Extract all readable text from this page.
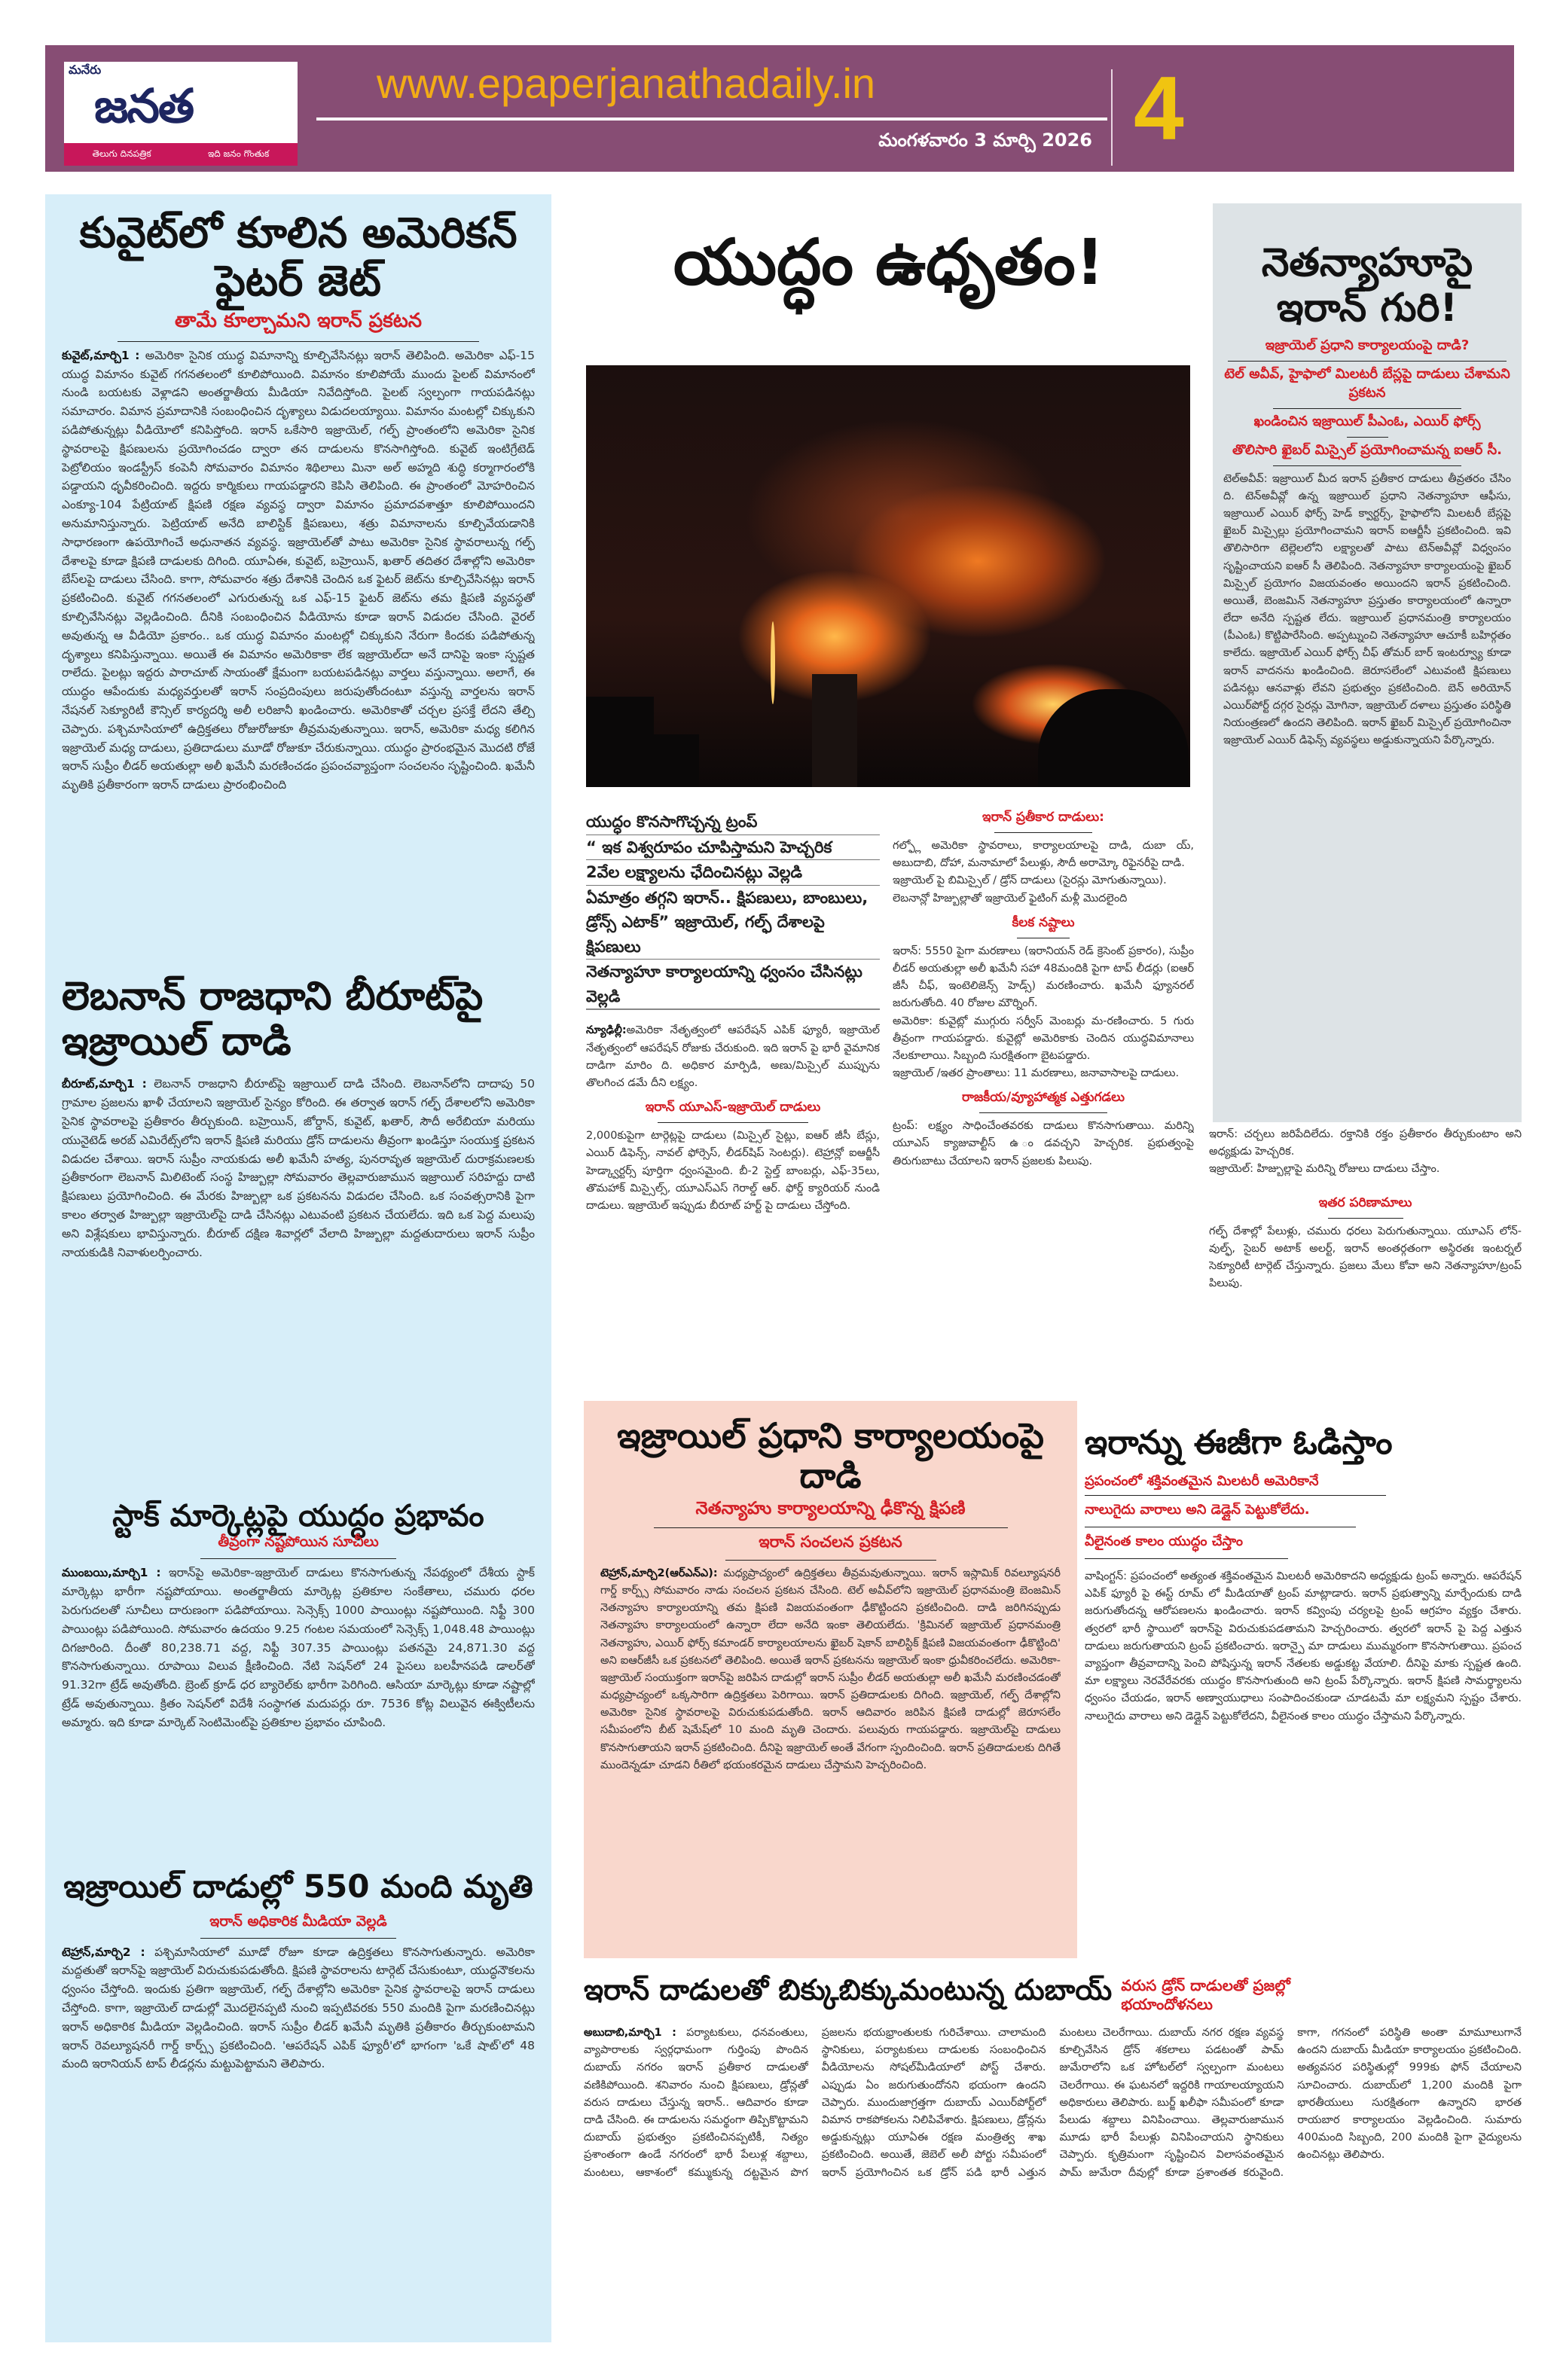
మనేరు
జనత
తెలుగు దినపత్రిక	ఇది జనం గొంతుక
www.epaperjanathadaily.in
మంగళవారం 3 మార్చి 2026 4
కువైట్‌లో కూలిన అమెరికన్ ఫైటర్ జెట్
తామే కూల్చామని ఇరాన్ ప్రకటన
కువైట్,మార్చి1 : అమెరికా సైనిక యుద్ధ విమానాన్ని కూల్చివేసినట్లు ఇరాన్ తెలిపింది. అమెరికా ఎఫ్-15 యుద్ధ విమానం కువైట్ గగనతలంలో కూలిపోయింది. విమానం కూలిపోయే ముందు పైలట్ విమానంలో నుండి బయటకు వెళ్లాడని అంతర్జాతీయ మీడియా నివేదిస్తోంది. పైలట్ స్వల్పంగా గాయపడినట్లు సమాచారం. విమాన ప్రమాదానికి సంబంధించిన దృశ్యాలు విడుదలయ్యాయి. విమానం మంటల్లో చిక్కుకుని పడిపోతున్నట్లు వీడియోలో కనిపిస్తోంది. ఇరాన్ ఒకేసారి ఇజ్రాయెల్, గల్ఫ్ ప్రాంతంలోని అమెరికా సైనిక స్థావరాలపై క్షిపణులను ప్రయోగించడం ద్వారా తన దాడులను కొనసాగిస్తోంది. కువైట్ ఇంటిగ్రేటెడ్ పెట్రోలియం ఇండస్ట్రీస్ కంపెనీ సోమవారం విమానం శిథిలాలు మినా అల్ అహ్మది శుద్ధి కర్మాగారంలోకి పడ్డాయని ధృవీకరించింది. ఇద్దరు కార్మికులు గాయపడ్డారని కెపిసి తెలిపింది. ఈ ప్రాంతంలో మోహరించిన ఎంక్యూ-104 పేట్రియాట్ క్షిపణి రక్షణ వ్యవస్థ ద్వారా విమానం ప్రమాదవశాత్తూ కూలిపోయిందని అనుమానిస్తున్నారు. పెట్రియాట్ అనేది బాలిస్టిక్ క్షిపణులు, శత్రు విమానాలను కూల్చివేయడానికి సాధారణంగా ఉపయోగించే అధునాతన వ్యవస్థ. ఇజ్రాయెల్‌తో పాటు అమెరికా సైనిక స్థావరాలున్న గల్ఫ్ దేశాలపై కూడా క్షిపణి దాడులకు దిగింది. యూఏఈ, కువైట్, బహ్రెయిన్, ఖతార్ తదితర దేశాల్లోని అమెరికా బేస్‌లపై దాడులు చేసింది. కాగా, సోమవారం శత్రు దేశానికి చెందిన ఒక ఫైటర్ జెట్‌ను కూల్చివేసినట్లు ఇరాన్ ప్రకటించింది. కువైట్ గగనతలంలో ఎగురుతున్న ఒక ఎఫ్-15 ఫైటర్ జెట్‌ను తమ క్షిపణి వ్యవస్థతో కూల్చివేసినట్లు వెల్లడించింది. దీనికి సంబంధించిన వీడియోను కూడా ఇరాన్ విడుదల చేసింది. వైరల్ అవుతున్న ఆ వీడియో ప్రకారం.. ఒక యుద్ధ విమానం మంటల్లో చిక్కుకుని నేరుగా కిందకు పడిపోతున్న దృశ్యాలు కనిపిస్తున్నాయి. అయితే ఈ విమానం అమెరికాకా లేక ఇజ్రాయెల్‌దా అనే దానిపై ఇంకా స్పష్టత రాలేదు. పైలట్లు ఇద్దరు పారాచూట్ సాయంతో క్షేమంగా బయటపడినట్లు వార్తలు వస్తున్నాయి. అలాగే, ఈ యుద్ధం ఆపేందుకు మధ్యవర్తులతో ఇరాన్ సంప్రదింపులు జరుపుతోందంటూ వస్తున్న వార్తలను ఇరాన్ నేషనల్ సెక్యూరిటీ కౌన్సిల్ కార్యదర్శి అలీ లరిజానీ ఖండించారు. అమెరికాతో చర్చల ప్రసక్తే లేదని తేల్చి చెప్పారు. పశ్చిమాసియాలో ఉద్రిక్తతలు రోజురోజుకూ తీవ్రమవుతున్నాయి. ఇరాన్, అమెరికా మధ్య కలిగిన ఇజ్రాయెల్ మధ్య దాడులు, ప్రతిదాడులు మూడో రోజుకూ చేరుకున్నాయి. యుద్ధం ప్రారంభమైన మొదటి రోజే ఇరాన్ సుప్రీం లీడర్ అయతుల్లా అలీ ఖమేనీ మరణించడం ప్రపంచవ్యాప్తంగా సంచలనం సృష్టించింది. ఖమేనీ మృతికి ప్రతీకారంగా ఇరాన్ దాడులు ప్రారంభించింది
లెబనాన్ రాజధాని బీరూట్‌పై ఇజ్రాయిల్ దాడి
బీరూట్,మార్చి1 : లెబనాన్ రాజధాని బీరూట్‌పై ఇజ్రాయిల్ దాడి చేసింది. లెబనాన్‌లోని దాదాపు 50 గ్రామాల ప్రజలను ఖాళీ చేయాలని ఇజ్రాయెల్ సైన్యం కోరింది. ఈ తర్వాత ఇరాన్ గల్ఫ్ దేశాలలోని అమెరికా సైనిక స్థావరాలపై ప్రతీకారం తీర్చుకుంది. బహ్రెయిన్, జోర్డాన్, కువైట్, ఖతార్, సౌదీ అరేబియా మరియు యునైటెడ్ అరబ్ ఎమిరేట్స్‌లోని ఇరాన్ క్షిపణి మరియు డ్రోన్ దాడులను తీవ్రంగా ఖండిస్తూ సంయుక్త ప్రకటన విడుదల చేశాయి. ఇరాన్ సుప్రీం నాయకుడు అలీ ఖమేనీ హత్య, పునరావృత ఇజ్రాయెల్ దురాక్రమణలకు ప్రతీకారంగా లెబనాన్ మిలిటెంట్ సంస్థ హిజ్బుల్లా సోమవారం తెల్లవారుజామున ఇజ్రాయిల్ సరిహద్దు దాటి క్షిపణులు ప్రయోగించింది. ఈ మేరకు హిజ్బుల్లా ఒక ప్రకటనను విడుదల చేసింది. ఒక సంవత్సరానికి పైగా కాలం తర్వాత హిజ్బుల్లా ఇజ్రాయెల్‌పై దాడి చేసినట్లు ఎటువంటి ప్రకటన చేయలేదు. ఇది ఒక పెద్ద మలుపు అని విశ్లేషకులు భావిస్తున్నారు. బీరూట్ దక్షిణ శివార్లలో వేలాది హిజ్బుల్లా మద్దతుదారులు ఇరాన్ సుప్రీం నాయకుడికి నివాళులర్పించారు.
స్టాక్ మార్కెట్లపై యుద్ధం ప్రభావం
తీవ్రంగా నష్టపోయిన సూచీలు
ముంబయి,మార్చి1 : ఇరాన్‌పై అమెరికా-ఇజ్రాయెల్ దాడులు కొనసాగుతున్న నేపథ్యంలో దేశీయ స్టాక్ మార్కెట్లు భారీగా నష్టపోయాయి. అంతర్జాతీయ మార్కెట్ల ప్రతికూల సంకేతాలు, చమురు ధరల పెరుగుదలతో సూచీలు దారుణంగా పడిపోయాయి. సెన్సెక్స్ 1000 పాయింట్లు నష్టపోయింది. నిఫ్టీ 300 పాయింట్లు పడిపోయింది. సోమవారం ఉదయం 9.25 గంటల సమయంలో సెన్సెక్స్ 1,048.48 పాయింట్లు దిగజారింది. దీంతో 80,238.71 వద్ద, నిఫ్టీ 307.35 పాయింట్లు పతనమై 24,871.30 వద్ద కొనసాగుతున్నాయి. రూపాయి విలువ క్షీణించింది. నేటి సెషన్‌లో 24 పైసలు బలహీనపడి డాలర్‌తో 91.32గా ట్రేడ్ అవుతోంది. బ్రెంట్ క్రూడ్ ధర బ్యారెల్‌కు భారీగా పెరిగింది. ఆసియా మార్కెట్లు కూడా నష్టాల్లో ట్రేడ్ అవుతున్నాయి. క్రితం సెషన్‌లో విదేశీ సంస్థాగత మదుపర్లు రూ. 7536 కోట్ల విలువైన ఈక్విటీలను అమ్మారు. ఇది కూడా మార్కెట్ సెంటిమెంట్‌పై ప్రతికూల ప్రభావం చూపింది.
ఇజ్రాయిల్ దాడుల్లో 550 మంది మృతి
ఇరాన్ అధికారిక మీడియా వెల్లడి
టెహ్రాన్,మార్చి2 : పశ్చిమాసియాలో మూడో రోజూ కూడా ఉద్రిక్తతలు కొనసాగుతున్నారు. అమెరికా మద్దతుతో ఇరాన్‌పై ఇజ్రాయెల్ విరుచుకుపడుతోంది. క్షిపణి స్థావరాలను టార్గెట్ చేసుకుంటూ, యుద్ధనౌకలను ధ్వంసం చేస్తోంది. ఇందుకు ప్రతిగా ఇజ్రాయెల్, గల్ఫ్ దేశాల్లోని అమెరికా సైనిక స్థావరాలపై ఇరాన్ దాడులు చేస్తోంది. కాగా, ఇజ్రాయెల్ దాడుల్లో మొదలైనప్పటి నుంచి ఇప్పటివరకు 550 మందికి పైగా మరణించినట్లు ఇరాన్ అధికారిక మీడియా వెల్లడించింది. ఇరాన్ సుప్రీం లీడర్ ఖమేనీ మృతికి ప్రతీకారం తీర్చుకుంటామని ఇరాన్ రెవల్యూషనరీ గార్డ్ కార్ప్స్ ప్రకటించింది. 'ఆపరేషన్ ఎపిక్ ఫ్యూరీ'లో భాగంగా 'ఒకే షాట్‌'లో 48 మంది ఇరానియన్ టాప్ లీడర్లను మట్టుపెట్టామని తెలిపారు.
యుద్ధం ఉధృతం!
యుద్ధం కొనసాగొచ్చన్న ట్రంప్
“ ఇక విశ్వరూపం చూపిస్తామని హెచ్చరిక
2వేల లక్ష్యాలను ఛేదించినట్లు వెల్లడి
ఏమాత్రం తగ్గని ఇరాన్.. క్షిపణులు, బాంబులు, డ్రోన్స్ ఎటాక్” ఇజ్రాయెల్, గల్ఫ్ దేశాలపై క్షిపణులు
నెతన్యాహూ కార్యాలయాన్ని ధ్వంసం చేసినట్లు వెల్లడి
న్యూఢిల్లీ:అమెరికా నేతృత్వంలో ఆపరేషన్ ఎపిక్ ఫ్యూరీ, ఇజ్రాయెల్ నేతృత్వంలో ఆపరేషన్ రోజుకు చేరుకుంది. ఇది ఇరాన్ పై భారీ వైమానిక దాడిగా మారిం ది. అధికార మార్పిడి, అణు/మిస్సైల్ ముప్పును తొలగించ డమే దీని లక్ష్యం.
ఇరాన్ యూఎస్-ఇజ్రాయెల్ దాడులు
2,000కుపైగా టార్గెట్లపై దాడులు (మిస్సైల్ సైట్లు, ఐఆర్ జీసీ బేస్లు, ఎయిర్ డిఫెన్స్, నావల్ ఫోర్సెస్, లీడర్‌షిప్ సెంటర్లు). టెహ్రాన్లో ఐఆర్జీసీ హెడ్క్వార్టర్స్ పూర్తిగా ధ్వంసమైంది. బీ-2 స్టెల్త్ బాంబర్లు, ఎఫ్-35లు, తొమహాక్ మిస్సైల్స్, యూఎస్ఎస్ గెరాల్డ్ ఆర్. ఫోర్డ్ క్యారియర్ నుండి దాడులు. ఇజ్రాయెల్ ఇప్పుడు బీరూట్ హర్ట్ పై దాడులు చేస్తోంది.
ఇరాన్ ప్రతీకార దాడులు:

గల్ఫ్లో అమెరికా స్థావరాలు, కార్యాలయాలపై దాడి, దుబా య్, అబుదాబి, దోహా, మనామాలో పేలుళ్లు, సౌదీ అరామ్కో రిఫైనరీపై దాడి.

ఇజ్రాయెల్ పై బిమిస్సైల్ / డ్రోన్ దాడులు (సైరన్లు మోగుతున్నాయి).

లెబనాన్లో హిజ్బుల్లాతో ఇజ్రాయెల్ ఫైటింగ్ మళ్లీ మొదలైంది

కీలక నష్టాలు

ఇరాన్: 5550 పైగా మరణాలు (ఇరానియన్ రెడ్ క్రెసెంట్ ప్రకారం), సుప్రీం లీడర్ అయతుల్లా అలీ ఖమేనీ సహా 48మందికి పైగా టాప్ లీడర్లు (ఐఆర్ జీసీ చీఫ్, ఇంటెలిజెన్స్ హెడ్స్) మరణించారు. ఖమేనీ ఫ్యూనరల్ జరుగుతోంది. 40 రోజుల మౌర్నింగ్.

అమెరికా: కువైట్లో ముగ్గురు సర్వీస్ మెంబర్లు మ-రణించారు. 5 గురు తీవ్రంగా గాయపడ్డారు. కువైట్లో అమెరికాకు చెందిన యుద్ధవిమానాలు నేలకూలాయి. సిబ్బంది సురక్షితంగా బైటపడ్డారు.

ఇజ్రాయెల్ /ఇతర ప్రాంతాలు: 11 మరణాలు, జనావాసాలపై దాడులు.

రాజకీయ/వ్యూహాత్మక ఎత్తుగడలు
ట్రంప్: లక్ష్యం సాధించేంతవరకు దాడులు కొనసాగుతాయి. మరిన్ని యూఎస్ క్యాజువాల్టీస్ ఉ ండవచ్చని హెచ్చరిక. ప్రభుత్వంపై తిరుగుబాటు చేయాలని ఇరాన్ ప్రజలకు పిలుపు.
ఇరాన్: చర్చలు జరిపేదిలేదు. రక్తానికి రక్తం ప్రతీకారం తీర్చుకుంటాం అని అధ్యక్షుడు హెచ్చరిక.
ఇజ్రాయెల్: హిజ్బుల్లాపై మరిన్ని రోజులు దాడులు చేస్తాం.
ఇతర పరిణామాలు
గల్ఫ్ దేశాల్లో పేలుళ్లు, చమురు ధరలు పెరుగుతున్నాయి. యూఎస్ లోన్-వుల్ఫ్, సైబర్ అటాక్ అలర్ట్, ఇరాన్ అంతర్గతంగా అస్థిరతః ఇంటర్నల్ సెక్యూరిటీ టార్గెట్ చేస్తున్నారు. ప్రజలు మేలు కోవా అని నెతన్యాహూ/ట్రంప్ పిలుపు.
నెతన్యాహూపై ఇరాన్ గురి!
ఇజ్రాయెల్ ప్రధాని కార్యాలయంపై దాడి?
టెల్ అవీవ్, హైఫాలో మిలటరీ బేస్లపై దాడులు చేశామని ప్రకటన
ఖండించిన ఇజ్రాయిల్ పీఎంఓ, ఎయిర్ ఫోర్స్
తొలిసారి ఖైబర్ మిస్సైల్ ప్రయోగించామన్న ఐఆర్ సీ.
టెల్‌అవీవ్: ఇజ్రాయిల్ మీద ఇరాన్ ప్రతీకార దాడులు తీవ్రతరం చేసిం ది. టెన్‌అవీవ్లో ఉన్న ఇజ్రాయిల్ ప్రధాని నెతన్యాహూ ఆఫీసు, ఇజ్రాయిల్ ఎయిర్ ఫోర్స్ హెడ్ క్వార్టర్స్, హైఫాలోని మిలటరీ బేస్లపై ఖైబర్ మిస్సైల్లు ప్రయోగించామని ఇరాన్ ఐఆర్జీసీ ప్రకటించింది. ఇవి తొలిసారిగా టెల్లెలలోని లక్ష్యాలతో పాటు టెన్‌అవీవ్లో విధ్వంసం సృష్టించాయని ఐఆర్ సీ తెలిపింది. నెతన్యాహూ కార్యాలయంపై ఖైబర్ మిస్సైల్ ప్రయోగం విజయవంతం అయిందని ఇరాన్ ప్రకటించింది. అయితే, బెంజమిన్ నెతన్యాహూ ప్రస్తుతం కార్యాలయంలో ఉన్నారా లేదా అనేది స్పష్టత లేదు. ఇజ్రాయిల్ ప్రధానమంత్రి కార్యాలయం (పీఎంఓ) కొట్టిపారేసింది. అప్పట్నుంచి నెతన్యాహూ ఆచూకీ బహిర్గతం కాలేదు. ఇజ్రాయెల్ ఎయిర్ ఫోర్స్ చీఫ్ తోమర్ బార్ ఇంటర్వ్యూ కూడా ఇరాన్ వాదనను ఖండించింది. జెరూసలేంలో ఎటువంటి క్షిపణులు పడినట్లు ఆనవాళ్లు లేవని ప్రభుత్వం ప్రకటించింది. బెన్ అరియోన్ ఎయిర్‌పోర్ట్ దగ్గర సైరన్లు మోగినా, ఇజ్రాయెల్ దళాలు ప్రస్తుతం పరిస్థితి నియంత్రణలో ఉందని తెలిపింది. ఇరాన్ ఖైబర్ మిస్సైల్ ప్రయోగించినా ఇజ్రాయెల్ ఎయిర్ డిఫెన్స్ వ్యవస్థలు అడ్డుకున్నాయని పేర్కొన్నారు.
ఇజ్రాయిల్ ప్రధాని కార్యాలయంపై దాడి
నెతన్యాహు కార్యాలయాన్ని ఢీకొన్న క్షిపణి
ఇరాన్ సంచలన ప్రకటన
టెహ్రాన్,మార్చి2(ఆర్ఎన్ఎ): మధ్యప్రాచ్యంలో ఉద్రిక్తతలు తీవ్రమవుతున్నాయి. ఇరాన్ ఇస్లామిక్ రివల్యూషనరీ గార్డ్ కార్ప్స్ సోమవారం నాడు సంచలన ప్రకటన చేసింది. టెల్ అవీవ్‌లోని ఇజ్రాయెల్ ప్రధానమంత్రి బెంజమిన్ నెతన్యాహు కార్యాలయాన్ని తమ క్షిపణి విజయవంతంగా ఢీకొట్టిందని ప్రకటించింది. దాడి జరిగినప్పుడు నెతన్యాహు కార్యాలయంలో ఉన్నారా లేదా అనేది ఇంకా తెలియలేదు. 'క్రిమినల్ ఇజ్రాయెల్ ప్రధానమంత్రి నెతన్యాహు, ఎయిర్ ఫోర్స్ కమాండర్ కార్యాలయాలను ఖైబర్ షెకాన్ బాలిస్టిక్ క్షిపణి విజయవంతంగా ఢీకొట్టింది' అని ఐఆర్‌జీసీ ఒక ప్రకటనలో తెలిపింది. అయితే ఇరాన్ ప్రకటనను ఇజ్రాయెల్ ఇంకా ధ్రువీకరించలేదు. అమెరికా-ఇజ్రాయెల్ సంయుక్తంగా ఇరాన్‌పై జరిపిన దాడుల్లో ఇరాన్ సుప్రీం లీడర్ అయతుల్లా అలీ ఖమేనీ మరణించడంతో మధ్యప్రాచ్యంలో ఒక్కసారిగా ఉద్రిక్తతలు పెరిగాయి. ఇరాన్ ప్రతిదాడులకు దిగింది. ఇజ్రాయెల్, గల్ఫ్ దేశాల్లోని అమెరికా సైనిక స్థావరాలపై విరుచుకుపడుతోంది. ఇరాన్ ఆదివారం జరిపిన క్షిపణి దాడుల్లో జెరూసలేం సమీపంలోని బీట్ షెమేష్‌లో 10 మంది మృతి చెందారు. పలువురు గాయపడ్డారు. ఇజ్రాయెల్‌పై దాడులు కొనసాగుతాయని ఇరాన్ ప్రకటించింది. దీనిపై ఇజ్రాయెల్ అంతే వేగంగా స్పందించింది. ఇరాన్ ప్రతిదాడులకు దిగితే ముందెన్నడూ చూడని రీతిలో భయంకరమైన దాడులు చేస్తామని హెచ్చరించింది.
ఇరాన్ను ఈజీగా ఓడిస్తాం
ప్రపంచంలో శక్తివంతమైన మిలటరీ అమెరికానే
నాలుగైదు వారాలు అని డెడ్లైన్ పెట్టుకోలేదు.
వీలైనంత కాలం యుద్ధం చేస్తాం
వాషింగ్టన్: ప్రపంచంలో అత్యంత శక్తివంతమైన మిలటరీ అమెరికాదని అధ్యక్షుడు ట్రంప్ అన్నారు. ఆపరేషన్ ఎపిక్ ఫ్యూరీ పై ఈస్ట్ రూమ్ లో మీడియాతో ట్రంప్ మాట్లాడారు. ఇరాన్ ప్రభుత్వాన్ని మార్చేందుకు దాడి జరుగుతోందన్న ఆరోపణలను ఖండించారు. ఇరాన్ కవ్వింపు చర్యలపై ట్రంప్ ఆగ్రహం వ్యక్తం చేశారు. త్వరలో భారీ స్థాయిలో ఇరాన్‌పై విరుచుకుపడతామని హెచ్చరించారు. త్వరలో ఇరాన్ పై పెద్ద ఎత్తున దాడులు జరుగుతాయని ట్రంప్ ప్రకటించారు. ఇరాన్పై మా దాడులు ముమ్మరంగా కొనసాగుతాయి. ప్రపంచ వ్యాప్తంగా తీవ్రవాదాన్ని పెంచి పోషిస్తున్న ఇరాన్ నేతలకు అడ్డుకట్ట వేయాలి. దీనిపై మాకు స్పష్టత ఉంది. మా లక్ష్యాలు నెరవేరేవరకు యుద్ధం కొనసాగుతుంది అని ట్రంప్ పేర్కొన్నారు. ఇరాన్ క్షిపణి సామర్థ్యాలను ధ్వంసం చేయడం, ఇరాన్ అణ్వాయుధాలు సంపాదించకుండా చూడటమే మా లక్ష్యమని స్పష్టం చేశారు. నాలుగైదు వారాలు అని డెడ్లైన్ పెట్టుకోలేదని, వీలైనంత కాలం యుద్ధం చేస్తామని పేర్కొన్నారు.
ఇరాన్ దాడులతో బిక్కుబిక్కుమంటున్న దుబాయ్ వరుస డ్రోన్ దాడులతో ప్రజల్లో భయాందోళనలు
అబుదాబి,మార్చి1 : పర్యాటకులు, ధనవంతులు, వ్యాపారాలకు స్వర్గధామంగా గుర్తింపు పొందిన దుబాయ్ నగరం ఇరాన్ ప్రతీకార దాడులతో వణికిపోయింది. శనివారం నుంచి క్షిపణులు, డ్రోన్లతో వరుస దాడులు చేస్తున్న ఇరాన్.. ఆదివారం కూడా దాడి చేసింది. ఈ దాడులను సమర్థంగా తిప్పికొట్టామని దుబాయ్ ప్రభుత్వం ప్రకటించినప్పటికీ, నిత్యం ప్రశాంతంగా ఉండే నగరంలో భారీ పేలుళ్ల శబ్దాలు, మంటలు, ఆకాశంలో కమ్ముకున్న దట్టమైన పొగ ప్రజలను భయభ్రాంతులకు గురిచేశాయి. చాలామంది స్థానికులు, పర్యాటకులు దాడులకు సంబంధించిన వీడియోలను సోషల్‌మీడియాలో పోస్ట్ చేశారు. ఎప్పుడు ఏం జరుగుతుందోనని భయంగా ఉందని చెప్పారు. ముందుజాగ్రత్తగా దుబాయ్ ఎయిర్‌పోర్ట్‌లో విమాన రాకపోకలను నిలిపివేశారు. క్షిపణులు, డ్రోన్లను అడ్డుకున్నట్లు యూఏఈ రక్షణ మంత్రిత్వ శాఖ ప్రకటించింది. అయితే, జెబెల్ అలీ పోర్టు సమీపంలో ఇరాన్ ప్రయోగించిన ఒక డ్రోన్ పడి భారీ ఎత్తున మంటలు చెలరేగాయి. దుబాయ్ నగర రక్షణ వ్యవస్థ కూల్చివేసిన డ్రోన్ శకలాలు పడటంతో పామ్ జుమేరాలోని ఒక హోటల్‌లో స్వల్పంగా మంటలు చెలరేగాయి. ఈ ఘటనలో ఇద్దరికి గాయాలయ్యాయని అధికారులు తెలిపారు. బుర్జ్ ఖలీఫా సమీపంలో కూడా పేలుడు శబ్దాలు వినిపించాయి. తెల్లవారుజామున మూడు భారీ పేలుళ్లు వినిపించాయని స్థానికులు చెప్పారు. కృత్రిమంగా సృష్టించిన విలాసవంతమైన పామ్ జుమేరా దీవుల్లో కూడా ప్రశాంతత కరువైంది. కాగా, గగనంలో పరిస్థితి అంతా మామూలుగానే ఉందని దుబాయ్ మీడియా కార్యాలయం ప్రకటించింది. అత్యవసర పరిస్థితుల్లో 999కు ఫోన్ చేయాలని సూచించారు. దుబాయ్‌లో 1,200 మందికి పైగా భారతీయులు సురక్షితంగా ఉన్నారని భారత రాయబార కార్యాలయం వెల్లడించింది. సుమారు 400మంది సిబ్బంది, 200 మందికి పైగా వైద్యులను ఉంచినట్లు తెలిపారు.
